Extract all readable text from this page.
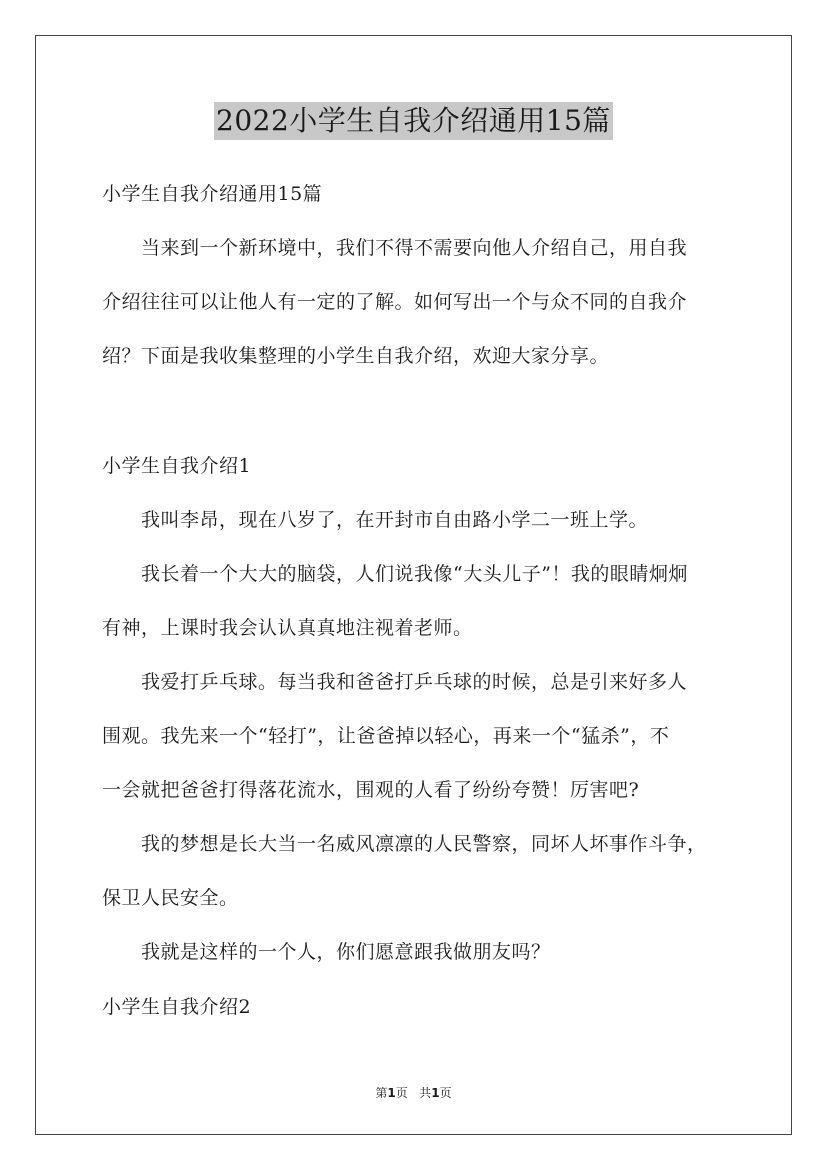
2022小学生自我介绍通用15篇
小学生自我介绍通用15篇
当来到一个新环境中，我们不得不需要向他人介绍自己，用自我
介绍往往可以让他人有一定的了解。如何写出一个与众不同的自我介
绍？下面是我收集整理的小学生自我介绍，欢迎大家分享。
小学生自我介绍1
我叫李昂，现在八岁了，在开封市自由路小学二一班上学。
我长着一个大大的脑袋，人们说我像“大头儿子”！我的眼睛炯炯
有神，上课时我会认认真真地注视着老师。
我爱打乒乓球。每当我和爸爸打乒乓球的时候，总是引来好多人
围观。我先来一个“轻打”，让爸爸掉以轻心，再来一个“猛杀”，不
一会就把爸爸打得落花流水，围观的人看了纷纷夸赞！厉害吧?
我的梦想是长大当一名威风凛凛的人民警察，同坏人坏事作斗争，
保卫人民安全。
我就是这样的一个人，你们愿意跟我做朋友吗？
小学生自我介绍2
第1页 共1页
